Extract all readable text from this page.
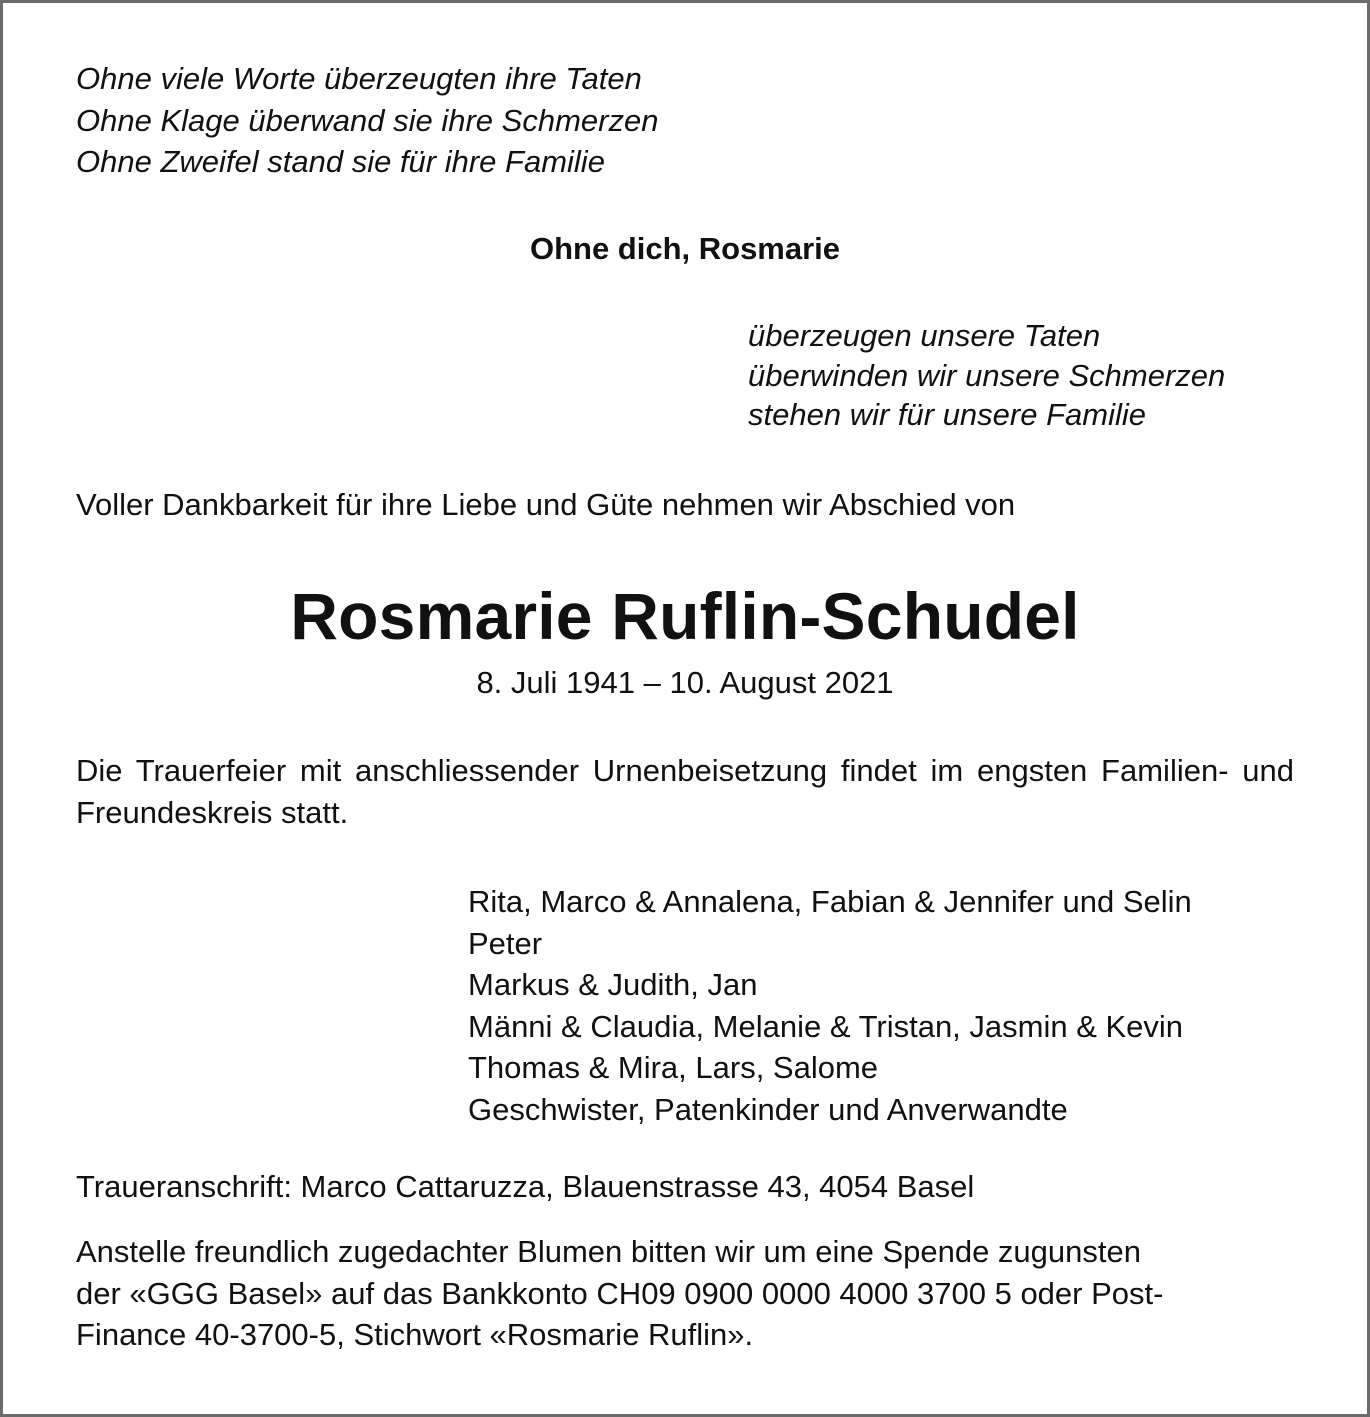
Ohne viele Worte überzeugten ihre Taten

Ohne Klage überwand sie ihre Schmerzen

Ohne Zweifel stand sie für ihre Familie

Ohne dich, Rosmarie

überzeugen unsere Taten

überwinden wir unsere Schmerzen

stehen wir für unsere Familie

Voller Dankbarkeit für ihre Liebe und Güte nehmen wir Abschied von

Rosmarie Ruflin-Schudel
8. Juli 1941 – 10. August 2021
Die Trauerfeier mit anschliessender Urnenbeisetzung findet im engsten Familien- und Freundeskreis statt.

Rita, Marco & Annalena, Fabian & Jennifer und Selin

Peter

Markus & Judith, Jan

Männi & Claudia, Melanie & Tristan, Jasmin & Kevin

Thomas & Mira, Lars, Salome

Geschwister, Patenkinder und Anverwandte

Traueranschrift: Marco Cattaruzza, Blauenstrasse 43, 4054 Basel

Anstelle freundlich zugedachter Blumen bitten wir um eine Spende zugunsten

der «GGG Basel» auf das Bankkonto CH09 0900 0000 4000 3700 5 oder Post-

Finance 40-3700-5, Stichwort «Rosmarie Ruflin».
